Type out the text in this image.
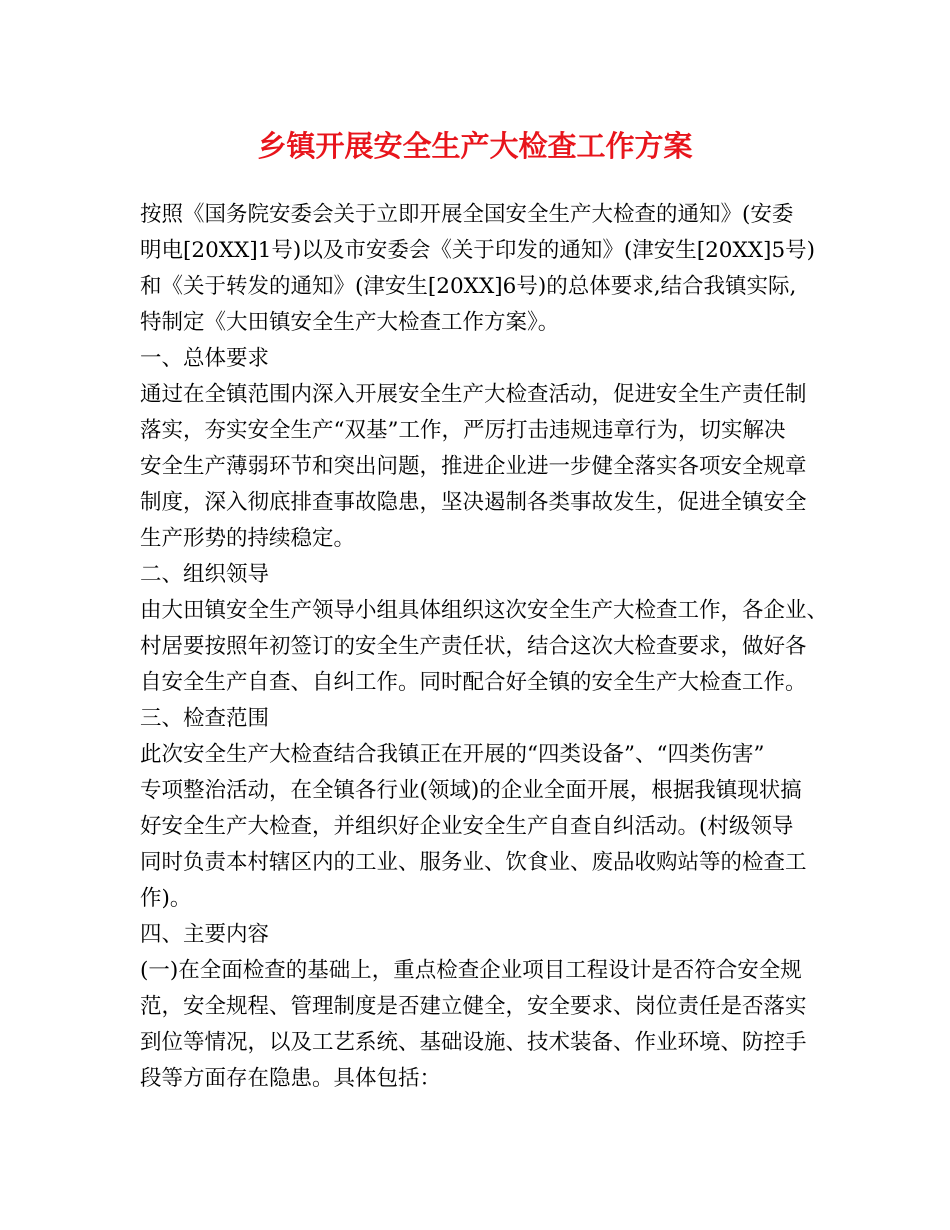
乡镇开展安全生产大检查工作方案
按照《国务院安委会关于立即开展全国安全生产大检查的通知》(安委
明电[20XX]1号)以及市安委会《关于印发的通知》(津安生[20XX]5号)
和《关于转发的通知》(津安生[20XX]6号)的总体要求,结合我镇实际,
特制定《大田镇安全生产大检查工作方案》。
一、总体要求
通过在全镇范围内深入开展安全生产大检查活动，促进安全生产责任制
落实，夯实安全生产“双基”工作，严厉打击违规违章行为，切实解决
安全生产薄弱环节和突出问题，推进企业进一步健全落实各项安全规章
制度，深入彻底排查事故隐患，坚决遏制各类事故发生，促进全镇安全
生产形势的持续稳定。
二、组织领导
由大田镇安全生产领导小组具体组织这次安全生产大检查工作，各企业、
村居要按照年初签订的安全生产责任状，结合这次大检查要求，做好各
自安全生产自查、自纠工作。同时配合好全镇的安全生产大检查工作。
三、检查范围
此次安全生产大检查结合我镇正在开展的“四类设备”、“四类伤害”
专项整治活动，在全镇各行业(领域)的企业全面开展，根据我镇现状搞
好安全生产大检查，并组织好企业安全生产自查自纠活动。(村级领导
同时负责本村辖区内的工业、服务业、饮食业、废品收购站等的检查工
作)。
四、主要内容
(一)在全面检查的基础上，重点检查企业项目工程设计是否符合安全规
范，安全规程、管理制度是否建立健全，安全要求、岗位责任是否落实
到位等情况，以及工艺系统、基础设施、技术装备、作业环境、防控手
段等方面存在隐患。具体包括：
